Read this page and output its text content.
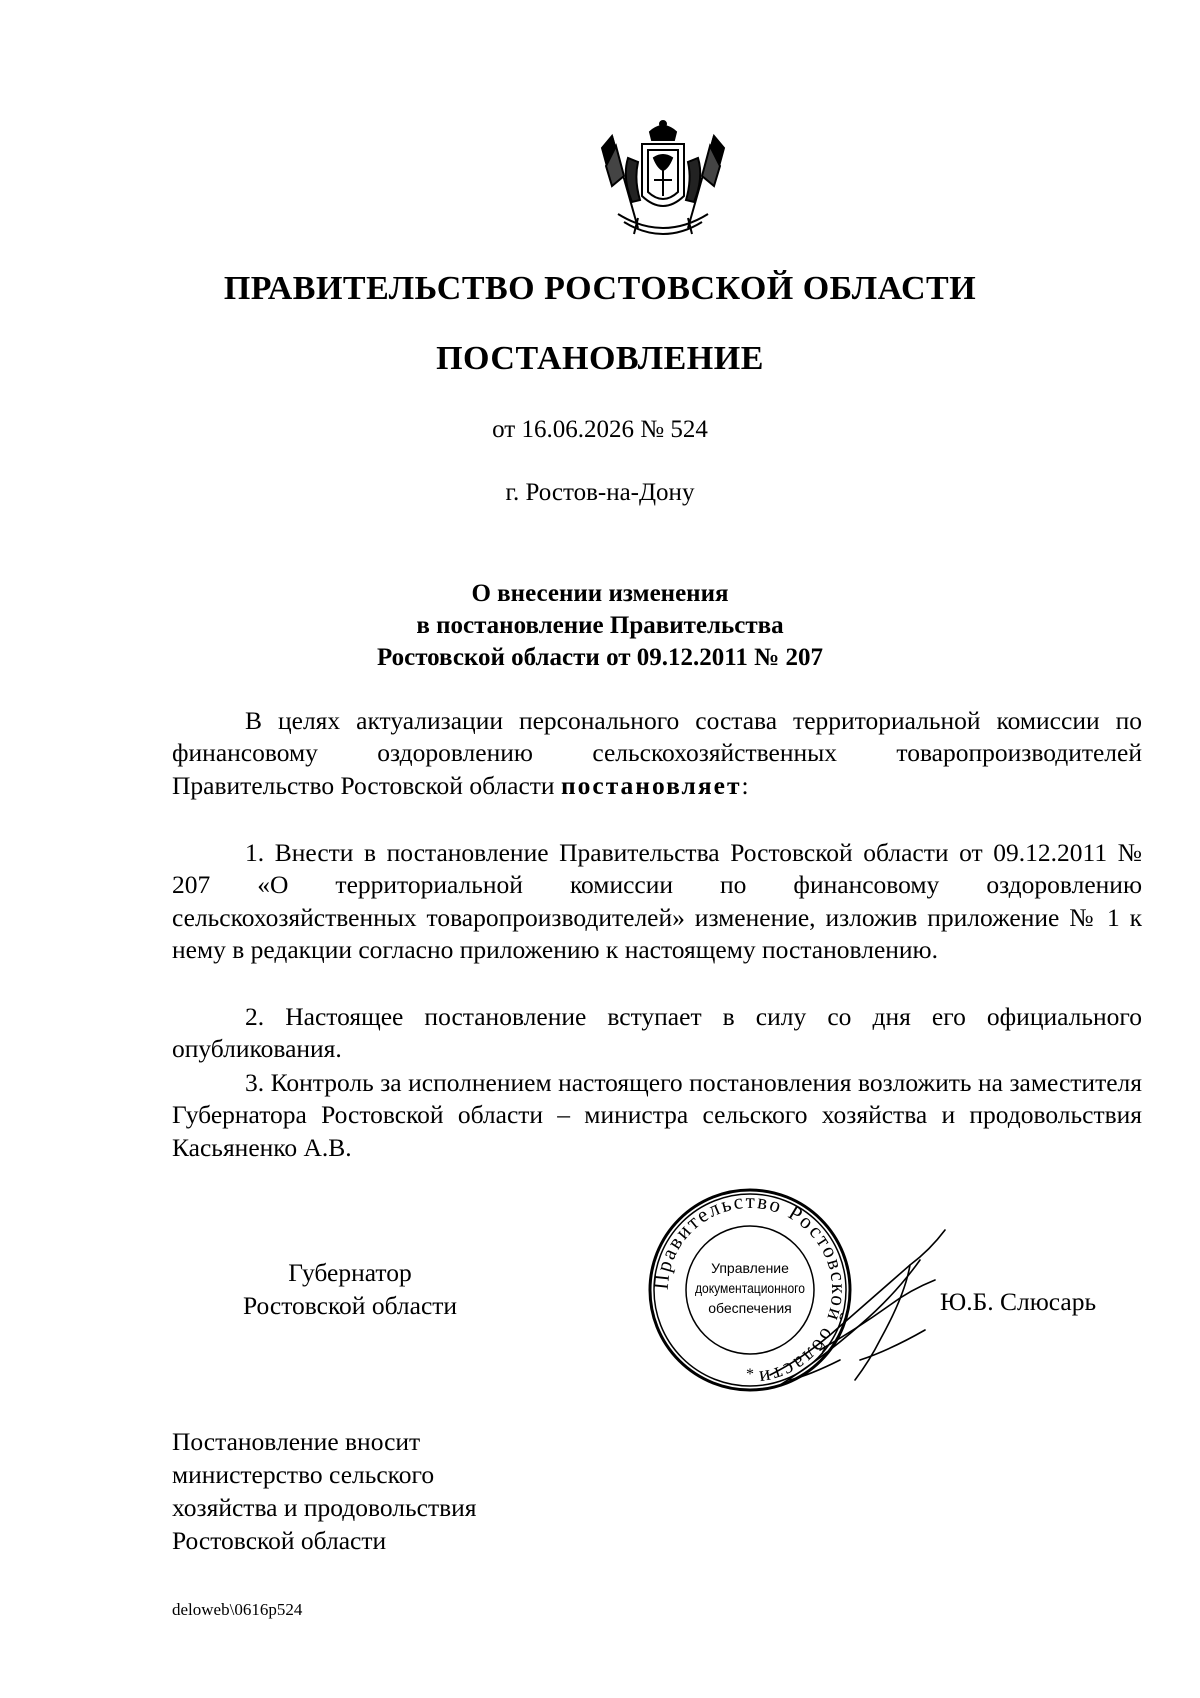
ПРАВИТЕЛЬСТВО РОСТОВСКОЙ ОБЛАСТИ
ПОСТАНОВЛЕНИЕ
от 16.06.2026 № 524
г. Ростов-на-Дону
О внесении изменения
в постановление Правительства
Ростовской области от 09.12.2011 № 207
В целях актуализации персонального состава территориальной комиссии по финансовому оздоровлению сельскохозяйственных товаропроизводителей Правительство Ростовской области постановляет:
1. Внести в постановление Правительства Ростовской области от 09.12.2011 № 207 «О территориальной комиссии по финансовому оздоровлению сельскохозяйственных товаропроизводителей» изменение, изложив приложение № 1 к нему в редакции согласно приложению к настоящему постановлению.
2. Настоящее постановление вступает в силу со дня его официального опубликования.
3. Контроль за исполнением настоящего постановления возложить на заместителя Губернатора Ростовской области – министра сельского хозяйства и продовольствия Касьяненко А.В.
Губернатор
Ростовской области
Правительство Ростовской области
Управление
документационного
обеспечения
*
Ю.Б. Слюсарь
Постановление вносит
министерство сельского
хозяйства и продовольствия
Ростовской области
deloweb\0616p524
